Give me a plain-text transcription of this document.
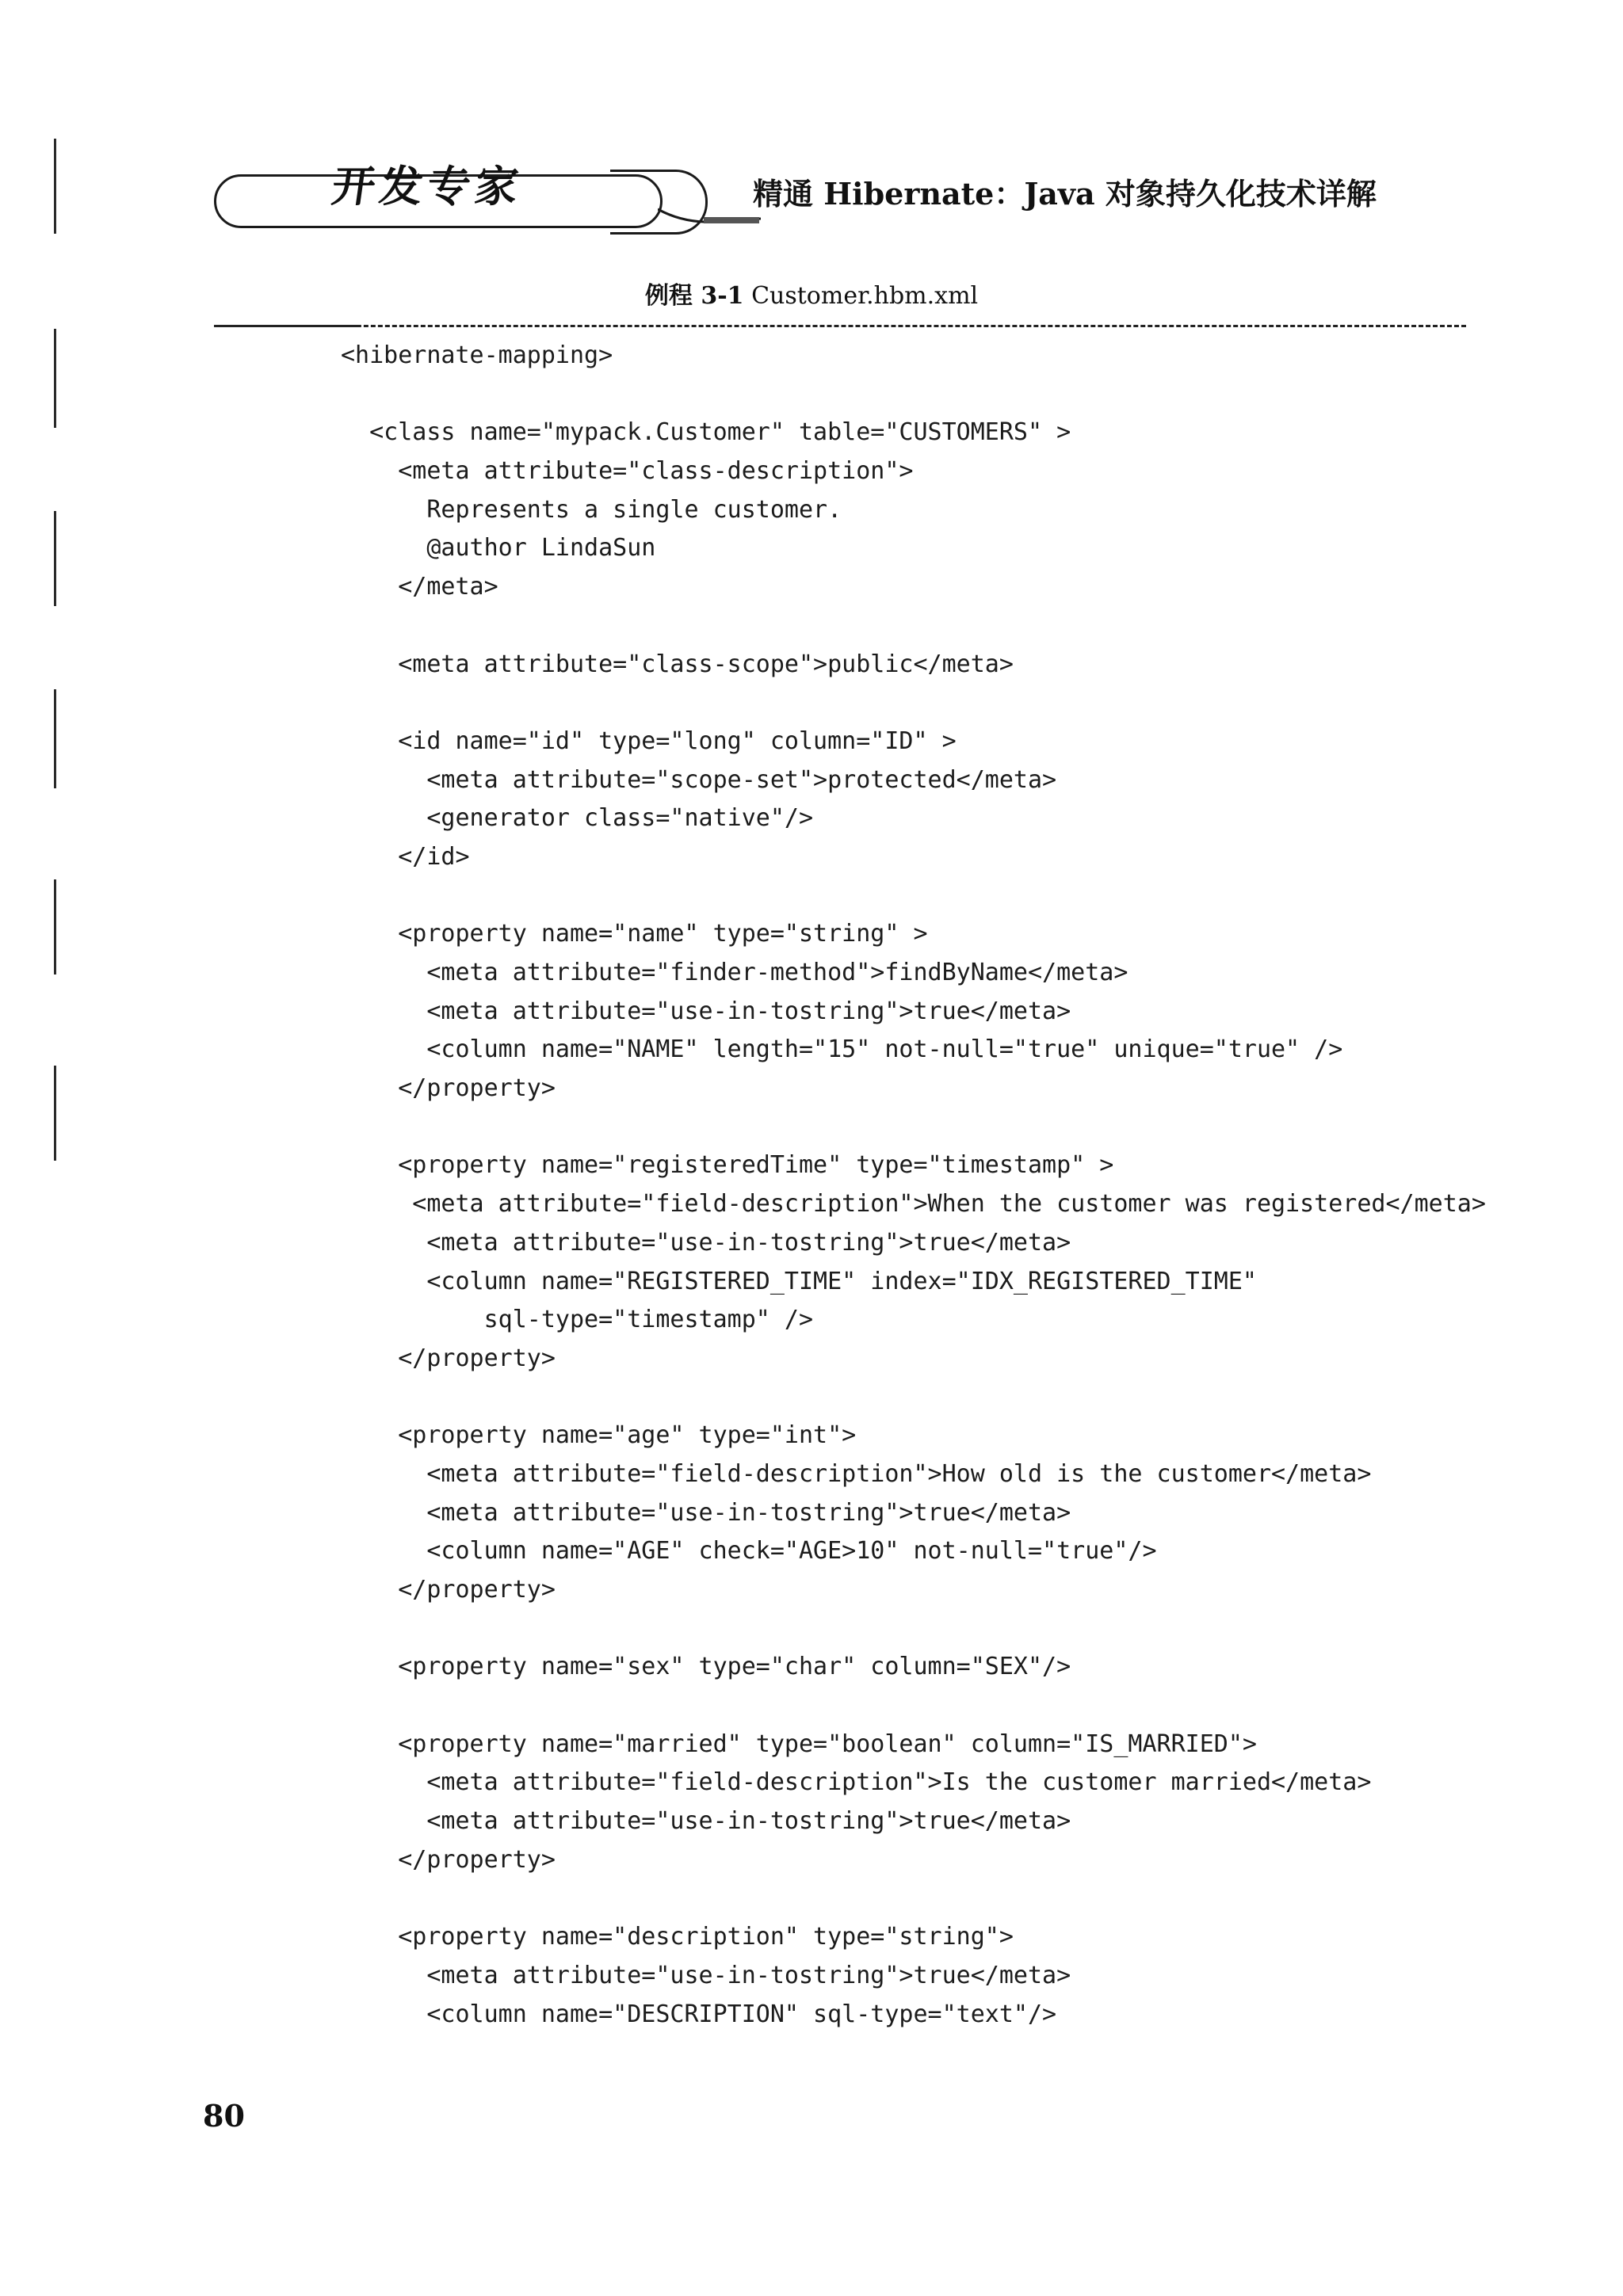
开发专家	精通 Hibernate：Java 对象持久化技术详解
例程 3-1 Customer.hbm.xml
<hibernate-mapping>

<class name="mypack.Customer" table="CUSTOMERS" >
<meta attribute="class-description">
Represents a single customer.
@author LindaSun
</meta>

<meta attribute="class-scope">public</meta>

<id name="id" type="long" column="ID" >
<meta attribute="scope-set">protected</meta>
<generator class="native"/>
</id>

<property name="name" type="string" >
<meta attribute="finder-method">findByName</meta>
<meta attribute="use-in-tostring">true</meta>
<column name="NAME" length="15" not-null="true" unique="true" />
</property>

<property name="registeredTime" type="timestamp" >
<meta attribute="field-description">When the customer was registered</meta>
<meta attribute="use-in-tostring">true</meta>
<column name="REGISTERED_TIME" index="IDX_REGISTERED_TIME"
sql-type="timestamp" />
</property>

<property name="age" type="int">
<meta attribute="field-description">How old is the customer</meta>
<meta attribute="use-in-tostring">true</meta>
<column name="AGE" check="AGE>10" not-null="true"/>
</property>

<property name="sex" type="char" column="SEX"/>

<property name="married" type="boolean" column="IS_MARRIED">
<meta attribute="field-description">Is the customer married</meta>
<meta attribute="use-in-tostring">true</meta>
</property>

<property name="description" type="string">
<meta attribute="use-in-tostring">true</meta>
<column name="DESCRIPTION" sql-type="text"/>
80
